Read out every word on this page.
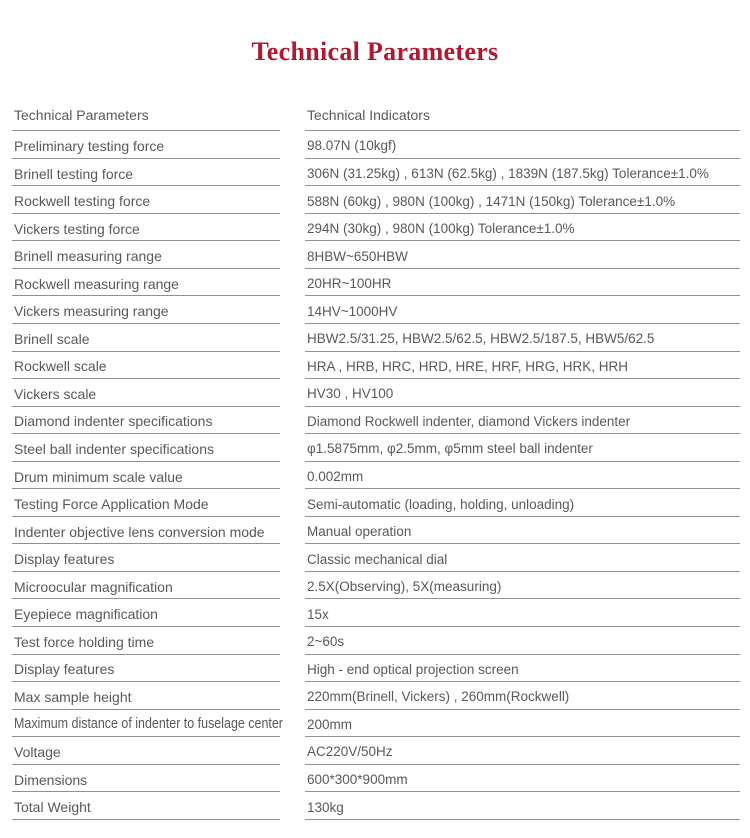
Technical Parameters
Technical Parameters	Technical Indicators
Preliminary testing force	98.07N (10kgf)
Brinell testing force	306N (31.25kg) , 613N (62.5kg) , 1839N (187.5kg) Tolerance±1.0%
Rockwell testing force	588N (60kg) , 980N (100kg) , 1471N (150kg) Tolerance±1.0%
Vickers testing force	294N (30kg) , 980N (100kg) Tolerance±1.0%
Brinell measuring range	8HBW~650HBW
Rockwell measuring range	20HR~100HR
Vickers measuring range	14HV~1000HV
Brinell scale	HBW2.5/31.25, HBW2.5/62.5, HBW2.5/187.5, HBW5/62.5
Rockwell scale	HRA , HRB, HRC, HRD, HRE, HRF, HRG, HRK, HRH
Vickers scale	HV30 , HV100
Diamond indenter specifications	Diamond Rockwell indenter, diamond Vickers indenter
Steel ball indenter specifications	φ1.5875mm, φ2.5mm, φ5mm steel ball indenter
Drum minimum scale value	0.002mm
Testing Force Application Mode	Semi-automatic (loading, holding, unloading)
Indenter objective lens conversion mode	Manual operation
Display features	Classic mechanical dial
Microocular magnification	2.5X(Observing), 5X(measuring)
Eyepiece magnification	15x
Test force holding time	2~60s
Display features	High - end optical projection screen
Max sample height	220mm(Brinell, Vickers) , 260mm(Rockwell)
Maximum distance of indenter to fuselage center 200mm
Voltage	AC220V/50Hz
Dimensions	600*300*900mm
Total Weight	130kg
